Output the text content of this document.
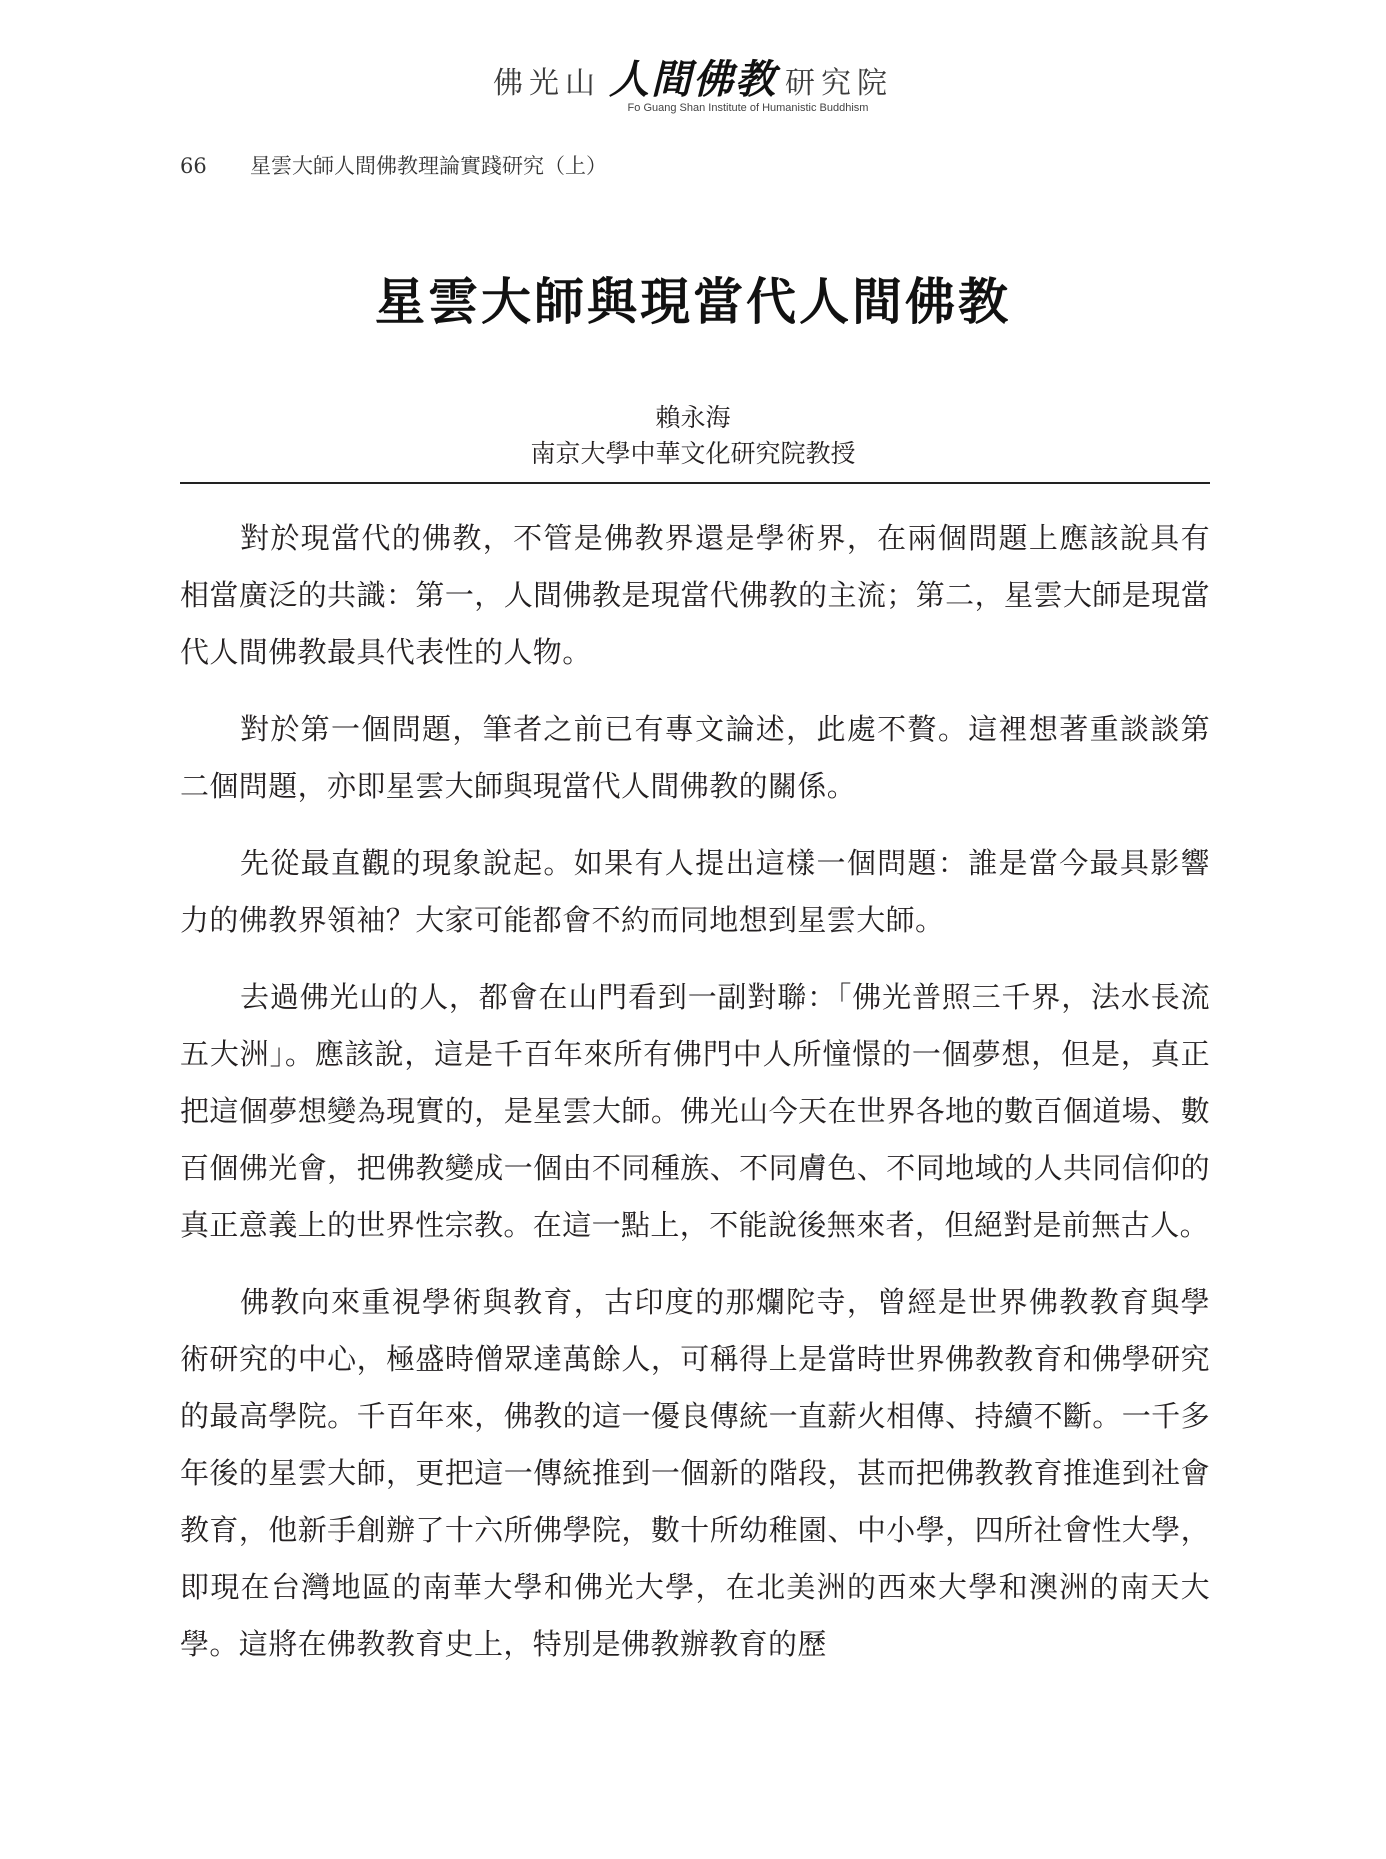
佛光山 人間佛教 研究院
Fo Guang Shan Institute of Humanistic Buddhism
66 星雲大師人間佛教理論實踐研究（上）
星雲大師與現當代人間佛教
賴永海
南京大學中華文化研究院教授

對於現當代的佛教，不管是佛教界還是學術界，在兩個問題上應該說具有相當廣泛的共識：第一，人間佛教是現當代佛教的主流；第二，星雲大師是現當代人間佛教最具代表性的人物。

對於第一個問題，筆者之前已有專文論述，此處不贅。這裡想著重談談第二個問題，亦即星雲大師與現當代人間佛教的關係。

先從最直觀的現象說起。如果有人提出這樣一個問題：誰是當今最具影響力的佛教界領袖？大家可能都會不約而同地想到星雲大師。

去過佛光山的人，都會在山門看到一副對聯：「佛光普照三千界，法水長流五大洲」。應該說，這是千百年來所有佛門中人所憧憬的一個夢想，但是，真正把這個夢想變為現實的，是星雲大師。佛光山今天在世界各地的數百個道場、數百個佛光會，把佛教變成一個由不同種族、不同膚色、不同地域的人共同信仰的真正意義上的世界性宗教。在這一點上，不能說後無來者，但絕對是前無古人。

佛教向來重視學術與教育，古印度的那爛陀寺，曾經是世界佛教教育與學術研究的中心，極盛時僧眾達萬餘人，可稱得上是當時世界佛教教育和佛學研究的最高學院。千百年來，佛教的這一優良傳統一直薪火相傳、持續不斷。一千多年後的星雲大師，更把這一傳統推到一個新的階段，甚而把佛教教育推進到社會教育，他新手創辦了十六所佛學院，數十所幼稚園、中小學，四所社會性大學，即現在台灣地區的南華大學和佛光大學，在北美洲的西來大學和澳洲的南天大學。這將在佛教教育史上，特別是佛教辦教育的歷
